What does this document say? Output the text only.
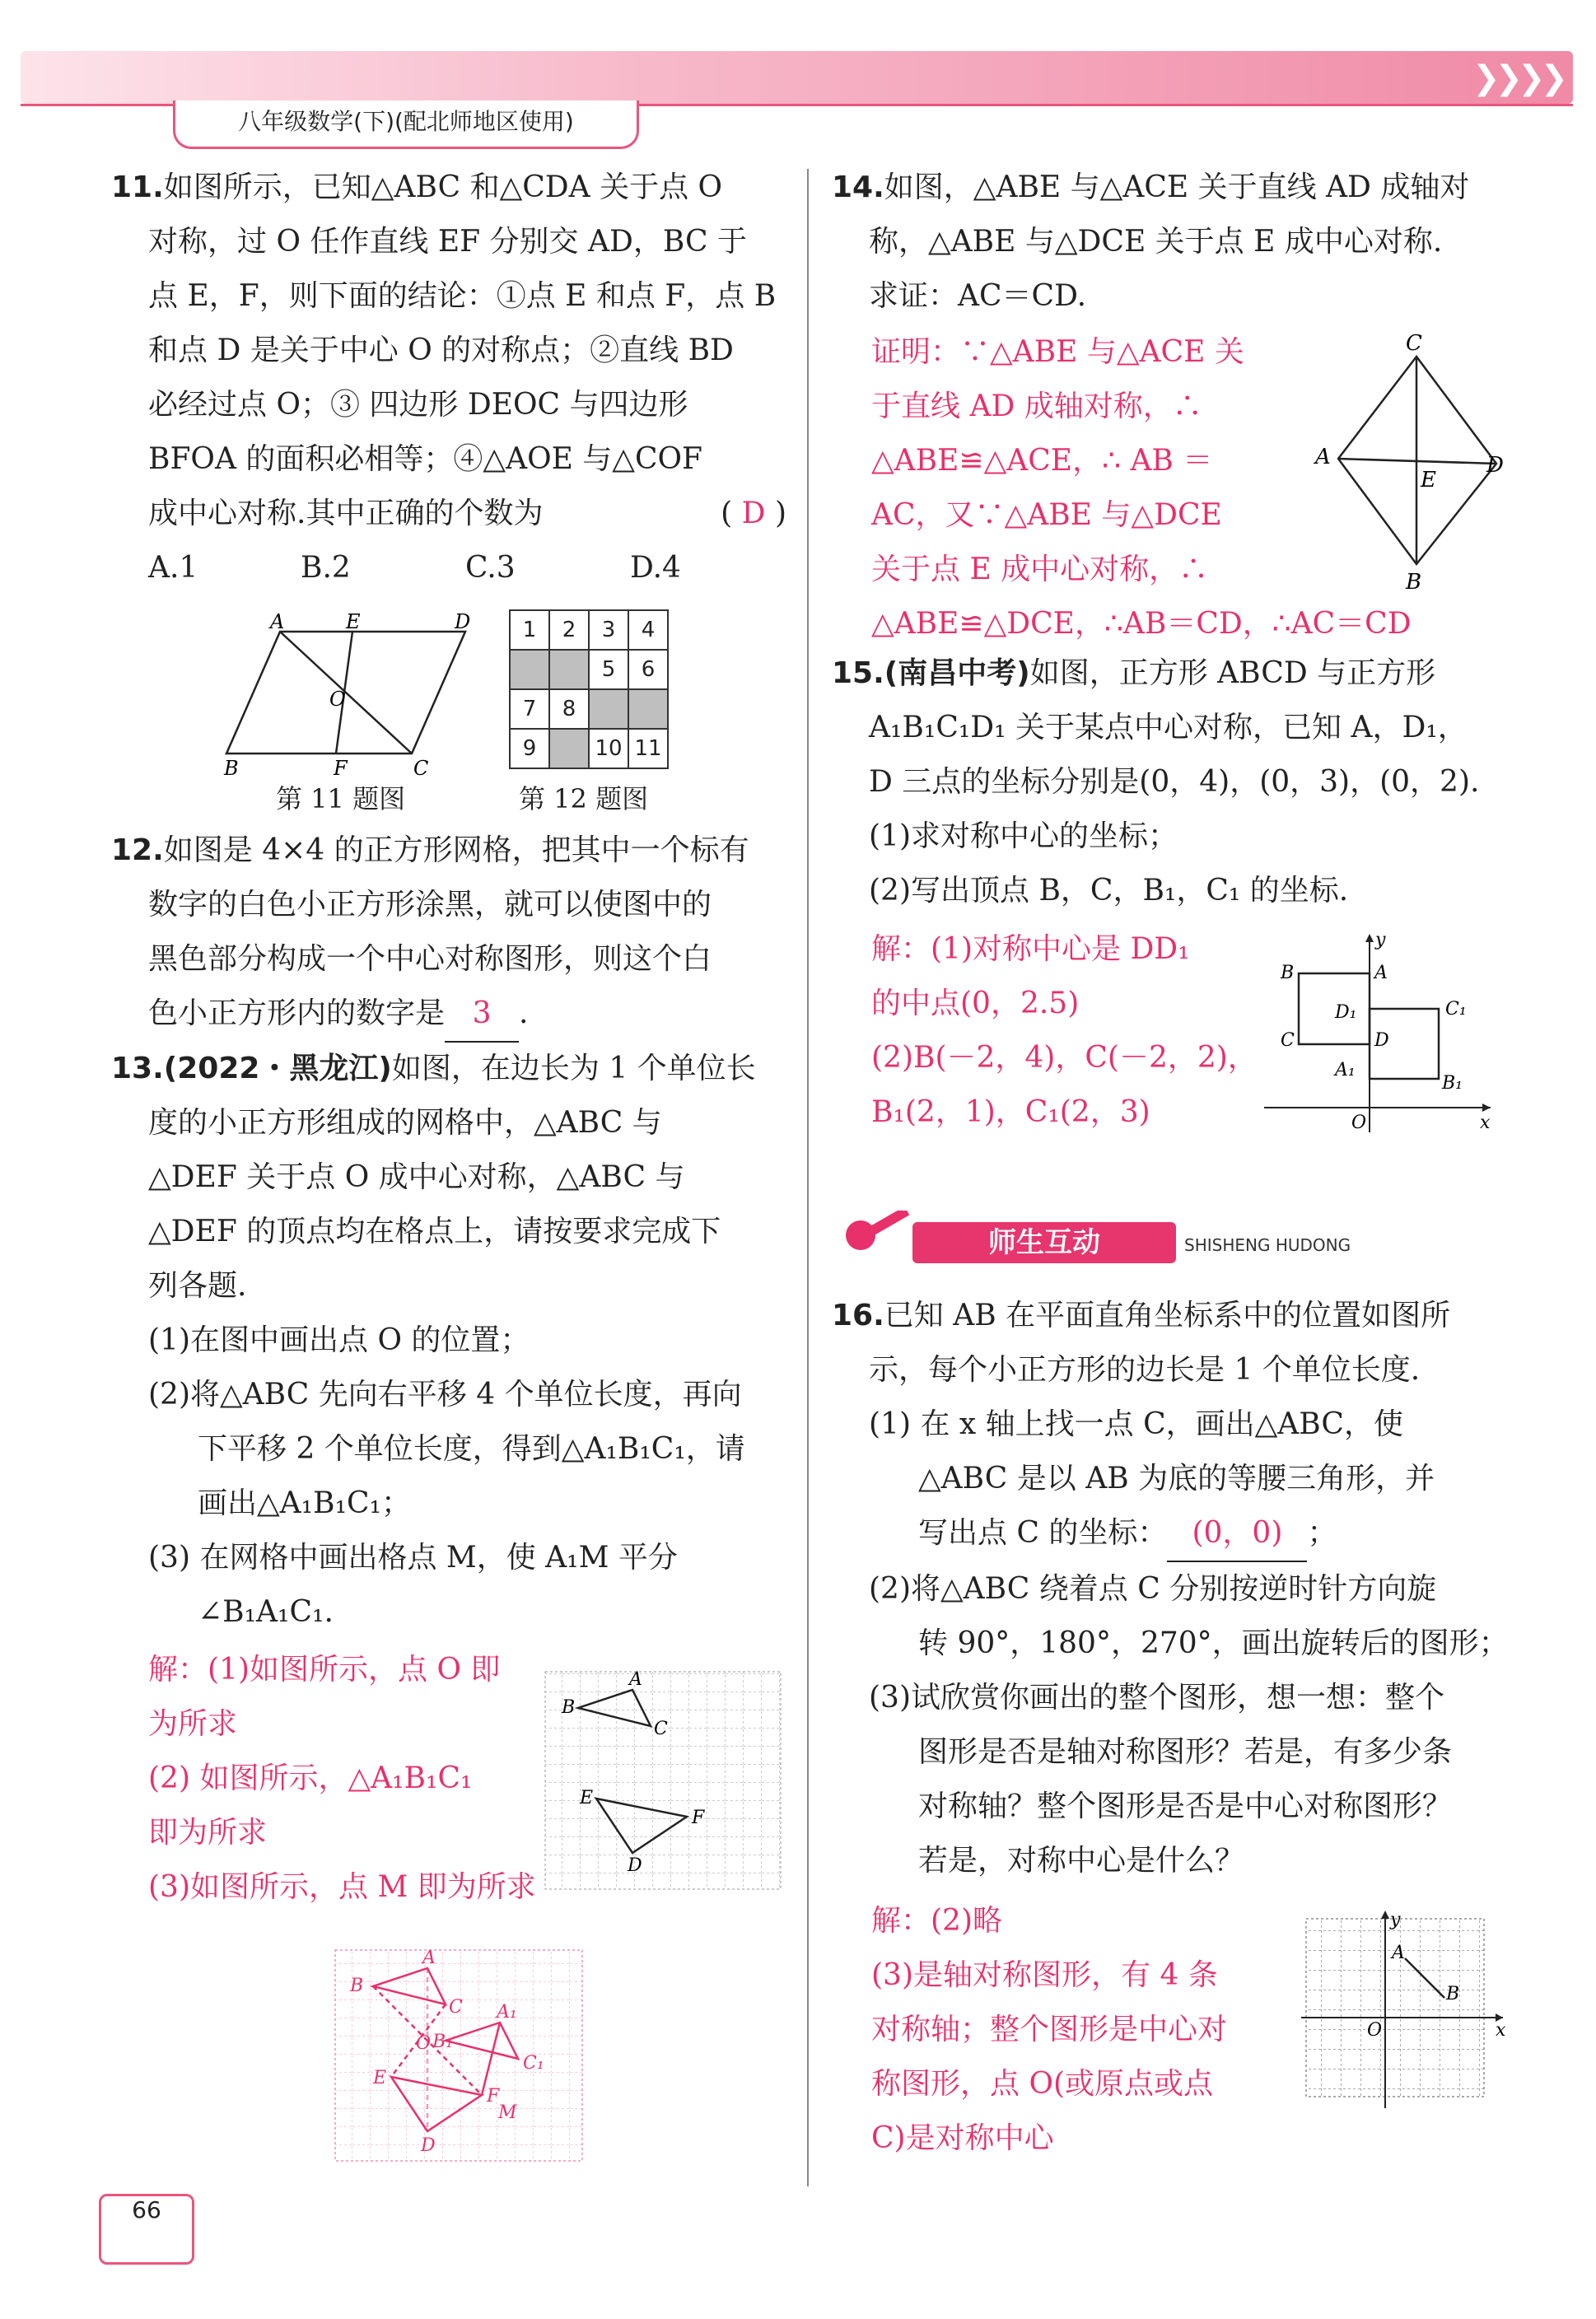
❯❯❯❯
八年级数学(下)(配北师地区使用)

11.如图所示，已知△ABC 和△CDA 关于点 O

对称，过 O 任作直线 EF 分别交 AD，BC 于

点 E，F，则下面的结论：①点 E 和点 F，点 B

和点 D 是关于中心 O 的对称点；②直线 BD

必经过点 O；③ 四边形 DEOC 与四边形

BFOA 的面积必相等；④△AOE 与△COF

成中心对称.其中正确的个数为	( D )

A.1	B.2	C.3	D.4

A	E	D
O
B	F	C
第 11 题图
1	2	3	4
		5	6
7	8		
9		10	11
第 12 题图

12.如图是 4×4 的正方形网格，把其中一个标有

数字的白色小正方形涂黑，就可以使图中的

黑色部分构成一个中心对称图形，则这个白

色小正方形内的数字是 3 .

13.(2022・黑龙江)如图，在边长为 1 个单位长

度的小正方形组成的网格中，△ABC 与

△DEF 关于点 O 成中心对称，△ABC 与

△DEF 的顶点均在格点上，请按要求完成下

列各题.

(1)在图中画出点 O 的位置；

(2)将△ABC 先向右平移 4 个单位长度，再向

下平移 2 个单位长度，得到△A₁B₁C₁，请

画出△A₁B₁C₁；

(3) 在网格中画出格点 M，使 A₁M 平分

∠B₁A₁C₁.

解：(1)如图所示，点 O 即

为所求

(2) 如图所示，△A₁B₁C₁

即为所求

(3)如图所示，点 M 即为所求

A
B
C
E
F
D
A
B
C
O B₁
A₁
C₁
E
F
M
D

14.如图，△ABE 与△ACE 关于直线 AD 成轴对

称，△ABE 与△DCE 关于点 E 成中心对称.

求证：AC＝CD.

证明：∵△ABE 与△ACE 关

于直线 AD 成轴对称，∴

△ABE≌△ACE，∴ AB ＝

AC，又∵△ABE 与△DCE

关于点 E 成中心对称，∴

△ABE≌△DCE，∴AB＝CD，∴AC＝CD

C
A
E
D
B

15.(南昌中考)如图，正方形 ABCD 与正方形

A₁B₁C₁D₁ 关于某点中心对称，已知 A，D₁，

D 三点的坐标分别是(0，4)，(0，3)，(0，2).

(1)求对称中心的坐标；

(2)写出顶点 B，C，B₁，C₁ 的坐标.

解：(1)对称中心是 DD₁

的中点(0，2.5)

(2)B(－2，4)，C(－2，2)，

B₁(2，1)，C₁(2，3)

y
x
B	A
D₁	C₁
C	D
A₁
B₁
O
师生互动	SHISHENG HUDONG

16.已知 AB 在平面直角坐标系中的位置如图所

示，每个小正方形的边长是 1 个单位长度.

(1) 在 x 轴上找一点 C，画出△ABC，使

△ABC 是以 AB 为底的等腰三角形，并

写出点 C 的坐标： (0，0) ；

(2)将△ABC 绕着点 C 分别按逆时针方向旋

转 90°，180°，270°，画出旋转后的图形；

(3)试欣赏你画出的整个图形，想一想：整个

图形是否是轴对称图形？若是，有多少条

对称轴？整个图形是否是中心对称图形？

若是，对称中心是什么？

解：(2)略

(3)是轴对称图形，有 4 条

对称轴；整个图形是中心对

称图形，点 O(或原点或点

C)是对称中心

y
x
A
B
O
66
